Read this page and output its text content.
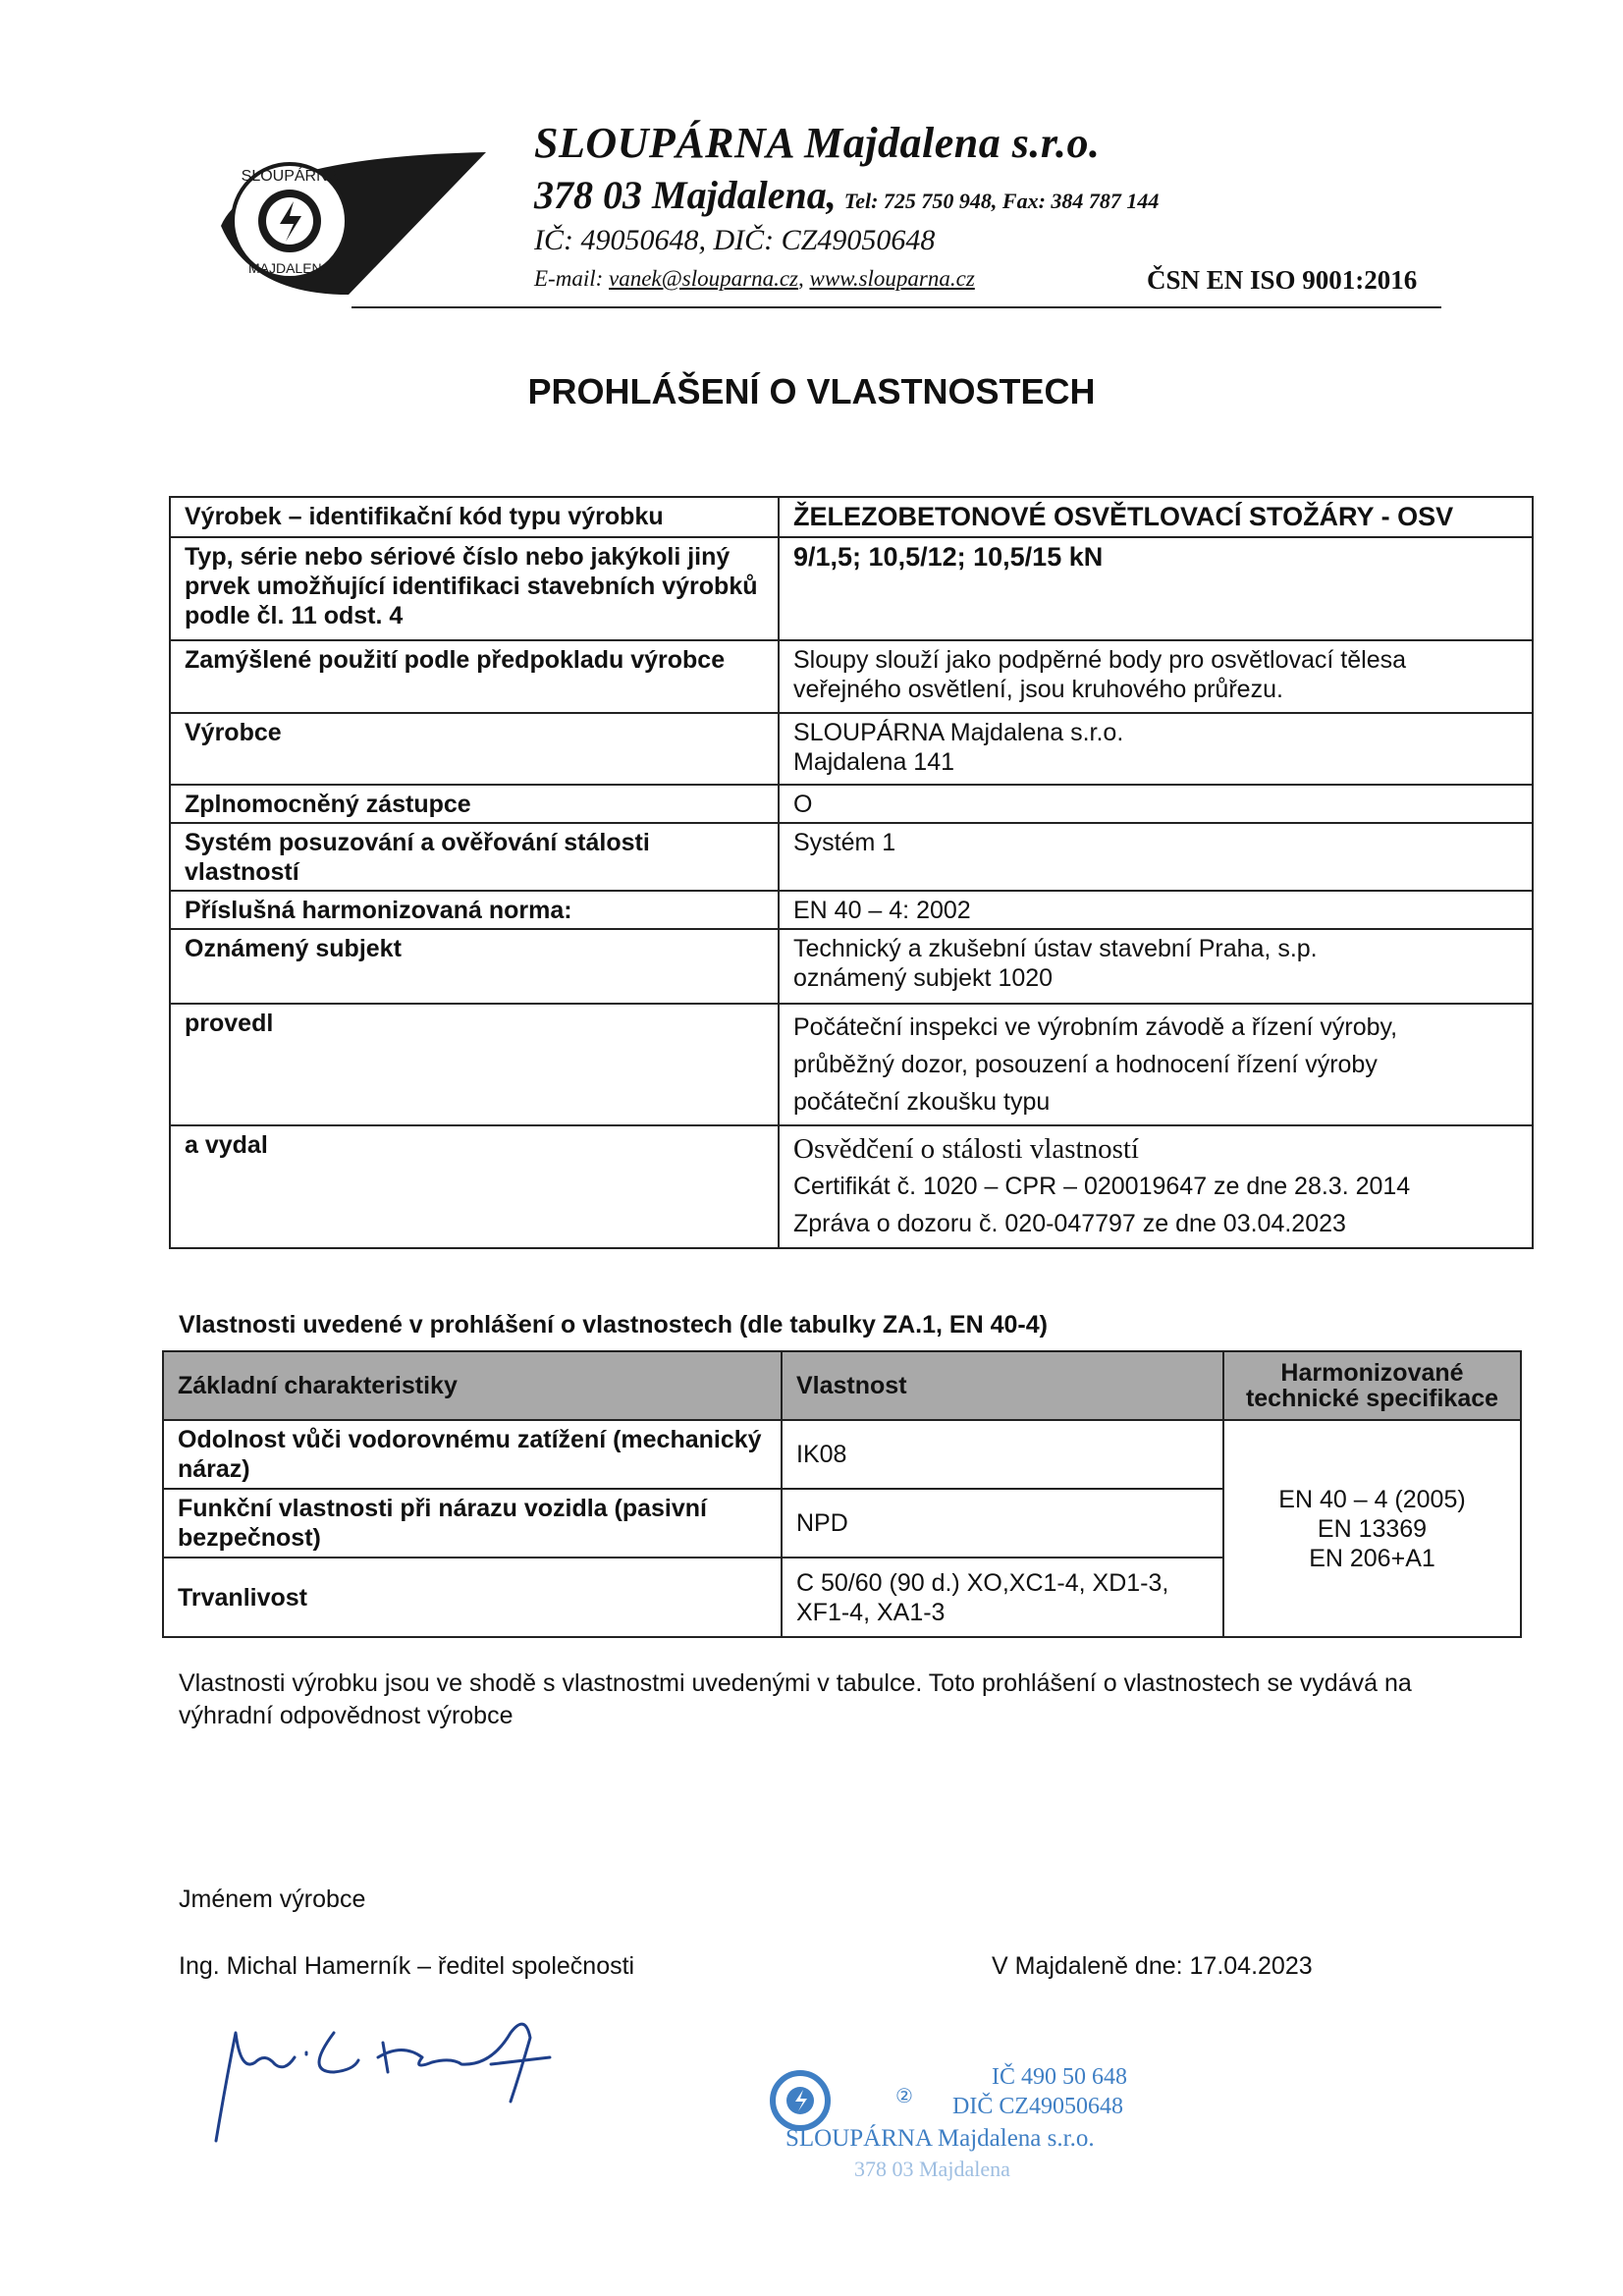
SLOUPÁRNA
MAJDALENA
SLOUPÁRNA Majdalena s.r.o.
378 03 Majdalena, Tel: 725 750 948, Fax: 384 787 144
IČ: 49050648, DIČ: CZ49050648
E-mail: vanek@slouparna.cz, www.slouparna.cz	ČSN EN ISO 9001:2016
PROHLÁŠENÍ O VLASTNOSTECH
Výrobek – identifikační kód typu výrobku	ŽELEZOBETONOVÉ OSVĚTLOVACÍ STOŽÁRY - OSV
Typ, série nebo sériové číslo nebo jakýkoli jiný prvek umožňující identifikaci stavebních výrobků podle čl. 11 odst. 4	9/1,5; 10,5/12; 10,5/15 kN
Zamýšlené použití podle předpokladu výrobce	Sloupy slouží jako podpěrné body pro osvětlovací tělesa veřejného osvětlení, jsou kruhového průřezu.
Výrobce	SLOUPÁRNA Majdalena s.r.o.
Majdalena 141

Zplnomocněný zástupce	O
Systém posuzování a ověřování stálosti vlastností	Systém 1
Příslušná harmonizovaná norma:	EN 40 – 4: 2002
Oznámený subjekt	Technický a zkušební ústav stavební Praha, s.p.
oznámený subjekt 1020

provedl	Počáteční inspekci ve výrobním závodě a řízení výroby,
průběžný dozor, posouzení a hodnocení řízení výroby
počáteční zkoušku typu

a vydal	Osvědčení o stálosti vlastností
Certifikát č. 1020 – CPR – 020019647 ze dne 28.3. 2014
Zpráva o dozoru č. 020-047797 ze dne 03.04.2023
Vlastnosti uvedené v prohlášení o vlastnostech (dle tabulky ZA.1, EN 40-4)
Základní charakteristiky	Vlastnost	Harmonizované technické specifikace
Odolnost vůči vodorovnému zatížení (mechanický náraz)	IK08	EN 40 – 4 (2005)
EN 13369
EN 206+A1

Funkční vlastnosti při nárazu vozidla (pasivní bezpečnost)	NPD	
Trvanlivost	C 50/60 (90 d.) XO,XC1-4, XD1-3, XF1-4, XA1-3	
Vlastnosti výrobku jsou ve shodě s vlastnostmi uvedenými v tabulce. Toto prohlášení o vlastnostech se vydává na výhradní odpovědnost výrobce
Jménem výrobce
Ing. Michal Hamerník – ředitel společnosti	V Majdaleně dne: 17.04.2023
②
IČ 490 50 648
DIČ CZ49050648
SLOUPÁRNA Majdalena s.r.o.
378 03 Majdalena
